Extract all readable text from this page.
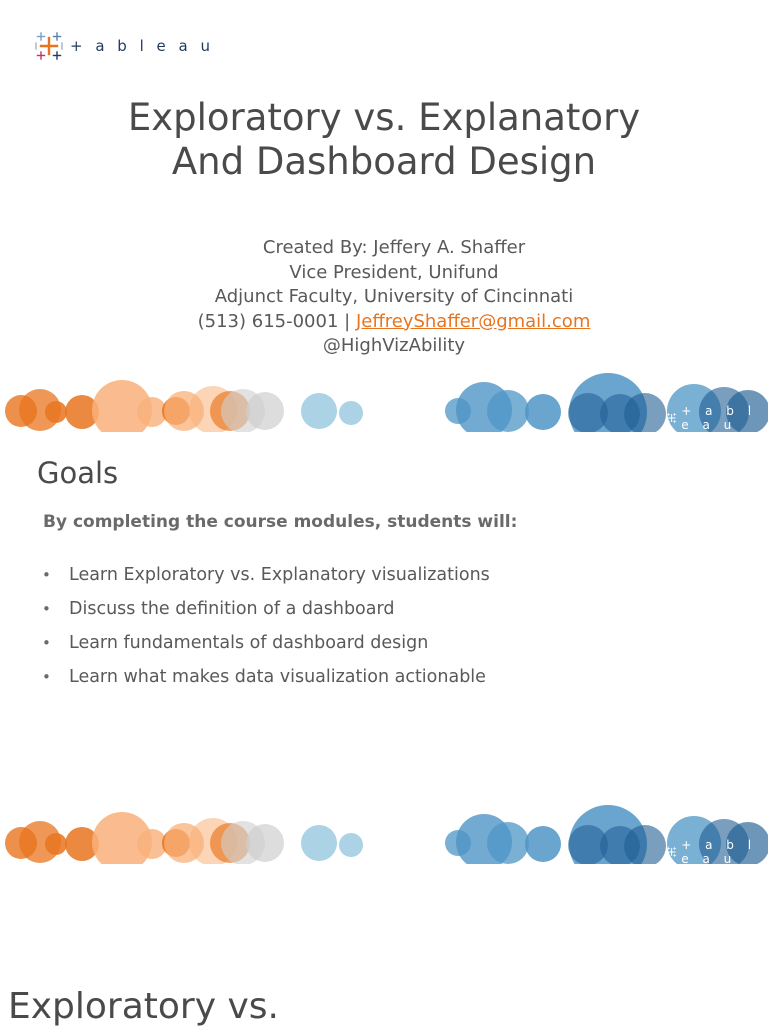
+ a b l e a u

Exploratory vs. Explanatory

And Dashboard Design

Created By: Jeffery A. Shaffer
Vice President, Unifund
Adjunct Faculty, University of Cincinnati
(513) 615-0001 | JeffreyShaffer@gmail.com
@HighVizAbility
+ a b l e a u
Goals
By completing the course modules, students will:
• Learn Exploratory vs. Explanatory visualizations
• Discuss the definition of a dashboard
• Learn fundamentals of dashboard design
• Learn what makes data visualization actionable
+ a b l e a u
Exploratory vs.
